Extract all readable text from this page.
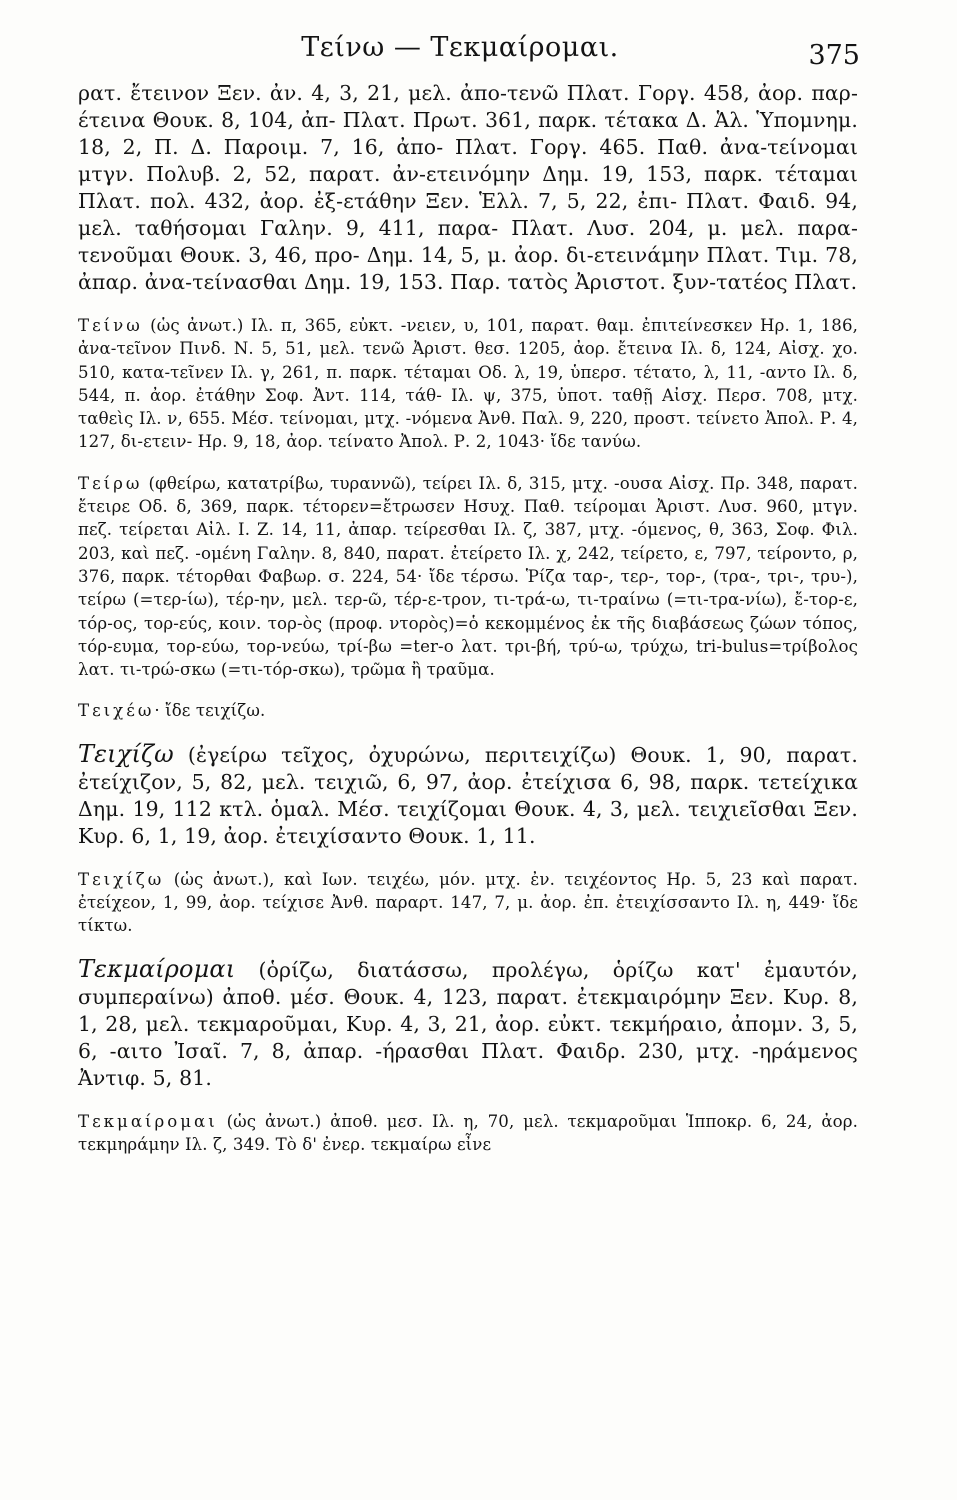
Τείνω — Τεκμαίρομαι.	375

ρατ. ἔτεινον Ξεν. ἀν. 4, 3, 21, μελ. ἀπο-τενῶ Πλατ. Γοργ. 458, ἀορ. παρ-έτεινα Θουκ. 8, 104, ἀπ- Πλατ. Πρωτ. 361, παρκ. τέτακα Δ. Ἁλ. Ὑπομνημ. 18, 2, Π. Δ. Παροιμ. 7, 16, ἀπο- Πλατ. Γοργ. 465. Παθ. ἀνα-τείνομαι μτγν. Πολυβ. 2, 52, παρατ. ἀν-ετεινόμην Δημ. 19, 153, παρκ. τέταμαι Πλατ. πολ. 432, ἀορ. ἐξ-ετάθην Ξεν. Ἑλλ. 7, 5, 22, ἐπι- Πλατ. Φαιδ. 94, μελ. ταθήσομαι Γαλην. 9, 411, παρα- Πλατ. Λυσ. 204, μ. μελ. παρα-τενοῦμαι Θουκ. 3, 46, προ- Δημ. 14, 5, μ. ἀορ. δι-ετεινάμην Πλατ. Τιμ. 78, ἀπαρ. ἀνα-τείνασθαι Δημ. 19, 153. Παρ. τατὸς Ἀριστοτ. ξυν-τατέος Πλατ.

Τείνω (ὡς ἀνωτ.) Ιλ. π, 365, εὐκτ. -νειεν, υ, 101, παρατ. θαμ. ἐπιτείνεσκεν Ηρ. 1, 186, ἀνα-τεῖνον Πινδ. Ν. 5, 51, μελ. τενῶ Ἀριστ. θεσ. 1205, ἀορ. ἔτεινα Ιλ. δ, 124, Αἰσχ. χο. 510, κατα-τεῖνεν Ιλ. γ, 261, π. παρκ. τέταμαι Οδ. λ, 19, ὑπερσ. τέτατο, λ, 11, -αντο Ιλ. δ, 544, π. ἀορ. ἐτάθην Σοφ. Ἀντ. 114, τάθ- Ιλ. ψ, 375, ὑποτ. ταθῇ Αἰσχ. Περσ. 708, μτχ. ταθεὶς Ιλ. ν, 655. Μέσ. τείνομαι, μτχ. -νόμενα Ἀνθ. Παλ. 9, 220, προστ. τείνετο Ἀπολ. Ρ. 4, 127, δι-ετειν- Ηρ. 9, 18, ἀορ. τείνατο Ἀπολ. Ρ. 2, 1043· ἴδε τανύω.

Τείρω (φθείρω, κατατρίβω, τυραννῶ), τείρει Ιλ. δ, 315, μτχ. -ουσα Αἰσχ. Πρ. 348, παρατ. ἔτειρε Οδ. δ, 369, παρκ. τέτορεν=ἔτρωσεν Ησυχ. Παθ. τείρομαι Ἀριστ. Λυσ. 960, μτγν. πεζ. τείρεται Αἰλ. Ι. Ζ. 14, 11, ἀπαρ. τείρεσθαι Ιλ. ζ, 387, μτχ. -όμενος, θ, 363, Σοφ. Φιλ. 203, καὶ πεζ. -ομένη Γαλην. 8, 840, παρατ. ἐτείρετο Ιλ. χ, 242, τείρετο, ε, 797, τείροντο, ρ, 376, παρκ. τέτορθαι Φαβωρ. σ. 224, 54· ἴδε τέρσω. Ῥίζα ταρ-, τερ-, τορ-, (τρα-, τρι-, τρυ-), τείρω (=τερ-ίω), τέρ-ην, μελ. τερ-ῶ, τέρ-ε-τρον, τι-τρά-ω, τι-τραίνω (=τι-τρα-νίω), ἔ-τορ-ε, τόρ-ος, τορ-εύς, κοιν. τορ-ὸς (προφ. ντορὸς)=ὁ κεκομμένος ἐκ τῆς διαβάσεως ζώων τόπος, τόρ-ευμα, τορ-εύω, τορ-νεύω, τρί-βω =ter-o λατ. τρι-βή, τρύ-ω, τρύχω, tri-bulus=τρίβολος λατ. τι-τρώ-σκω (=τι-τόρ-σκω), τρῶμα ἢ τραῦμα.

Τειχέω· ἴδε τειχίζω.

Τειχίζω (ἐγείρω τεῖχος, ὀχυρώνω, περιτειχίζω) Θουκ. 1, 90, παρατ. ἐτείχιζον, 5, 82, μελ. τειχιῶ, 6, 97, ἀορ. ἐτείχισα 6, 98, παρκ. τετείχικα Δημ. 19, 112 κτλ. ὁμαλ. Μέσ. τειχίζομαι Θουκ. 4, 3, μελ. τειχιεῖσθαι Ξεν. Κυρ. 6, 1, 19, ἀορ. ἐτειχίσαντο Θουκ. 1, 11.

Τειχίζω (ὡς ἀνωτ.), καὶ Ιων. τειχέω, μόν. μτχ. ἐν. τειχέοντος Ηρ. 5, 23 καὶ παρατ. ἐτείχεον, 1, 99, ἀορ. τείχισε Ἀνθ. παραρτ. 147, 7, μ. ἀορ. ἐπ. ἐτειχίσσαντο Ιλ. η, 449· ἴδε τίκτω.

Τεκμαίρομαι (ὁρίζω, διατάσσω, προλέγω, ὁρίζω κατ' ἐμαυτόν, συμπεραίνω) ἀποθ. μέσ. Θουκ. 4, 123, παρατ. ἐτεκμαιρόμην Ξεν. Κυρ. 8, 1, 28, μελ. τεκμαροῦμαι, Κυρ. 4, 3, 21, ἀορ. εὐκτ. τεκμήραιο, ἀπομν. 3, 5, 6, -αιτο Ἰσαῖ. 7, 8, ἀπαρ. -ήρασθαι Πλατ. Φαιδρ. 230, μτχ. -ηράμενος Ἀντιφ. 5, 81.

Τεκμαίρομαι (ὡς ἀνωτ.) ἀποθ. μεσ. Ιλ. η, 70, μελ. τεκμαροῦμαι Ἱπποκρ. 6, 24, ἀορ. τεκμηράμην Ιλ. ζ, 349. Τὸ δ' ἐνερ. τεκμαίρω εἶνε
